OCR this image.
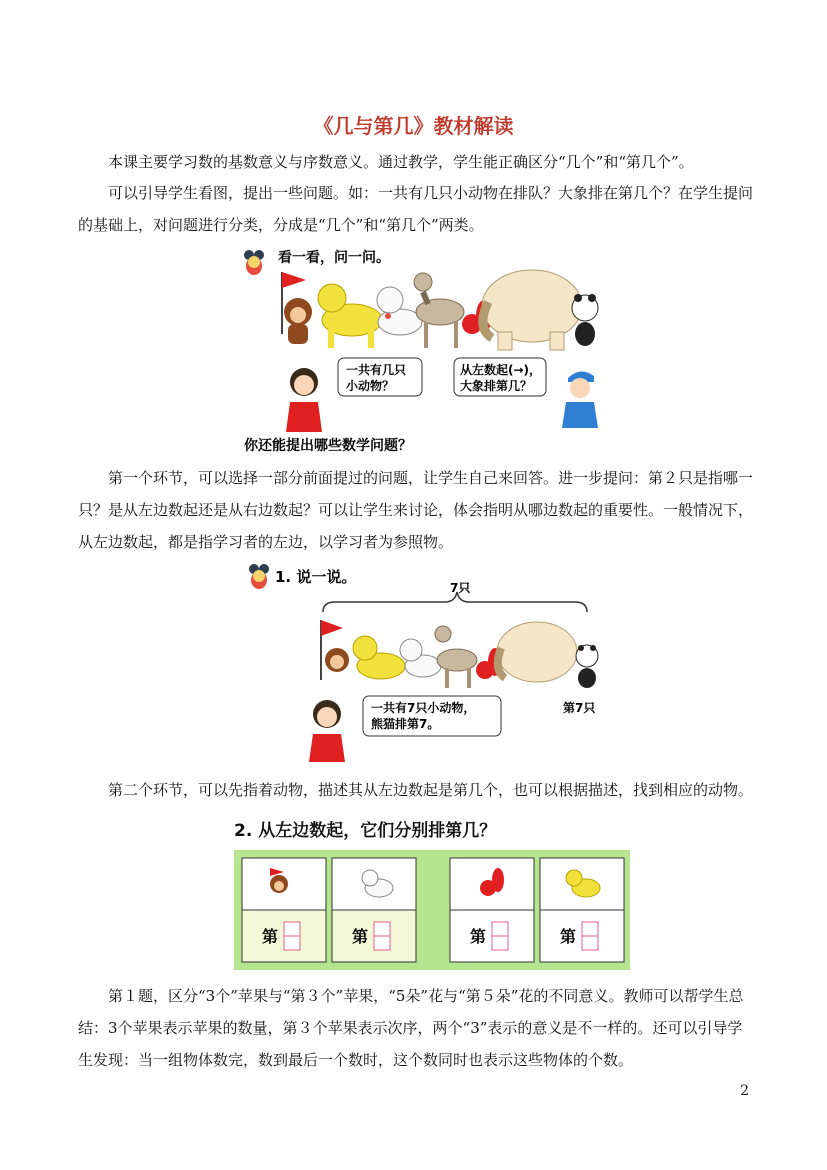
《几与第几》教材解读

本课主要学习数的基数意义与序数意义。通过教学，学生能正确区分“几个”和“第几个”。

可以引导学生看图，提出一些问题。如：一共有几只小动物在排队？大象排在第几个？在学生提问的基础上，对问题进行分类，分成是“几个”和“第几个”两类。

看一看，问一问。
一共有几只
小动物？
从左数起(→)，
大象排第几？
你还能提出哪些数学问题？

第一个环节，可以选择一部分前面提过的问题，让学生自己来回答。进一步提问：第２只是指哪一只？是从左边数起还是从右边数起？可以让学生来讨论，体会指明从哪边数起的重要性。一般情况下，从左边数起，都是指学习者的左边，以学习者为参照物。

1. 说一说。
7只
一共有7只小动物，
熊猫排第7。
第7只

第二个环节，可以先指着动物，描述其从左边数起是第几个，也可以根据描述，找到相应的动物。

2. 从左边数起，它们分别排第几？
第	第	第	第

第１题，区分“3个”苹果与“第３个”苹果，“5朵”花与“第５朵”花的不同意义。教师可以帮学生总结：3个苹果表示苹果的数量，第３个苹果表示次序，两个“3”表示的意义是不一样的。还可以引导学生发现：当一组物体数完，数到最后一个数时，这个数同时也表示这些物体的个数。

2
